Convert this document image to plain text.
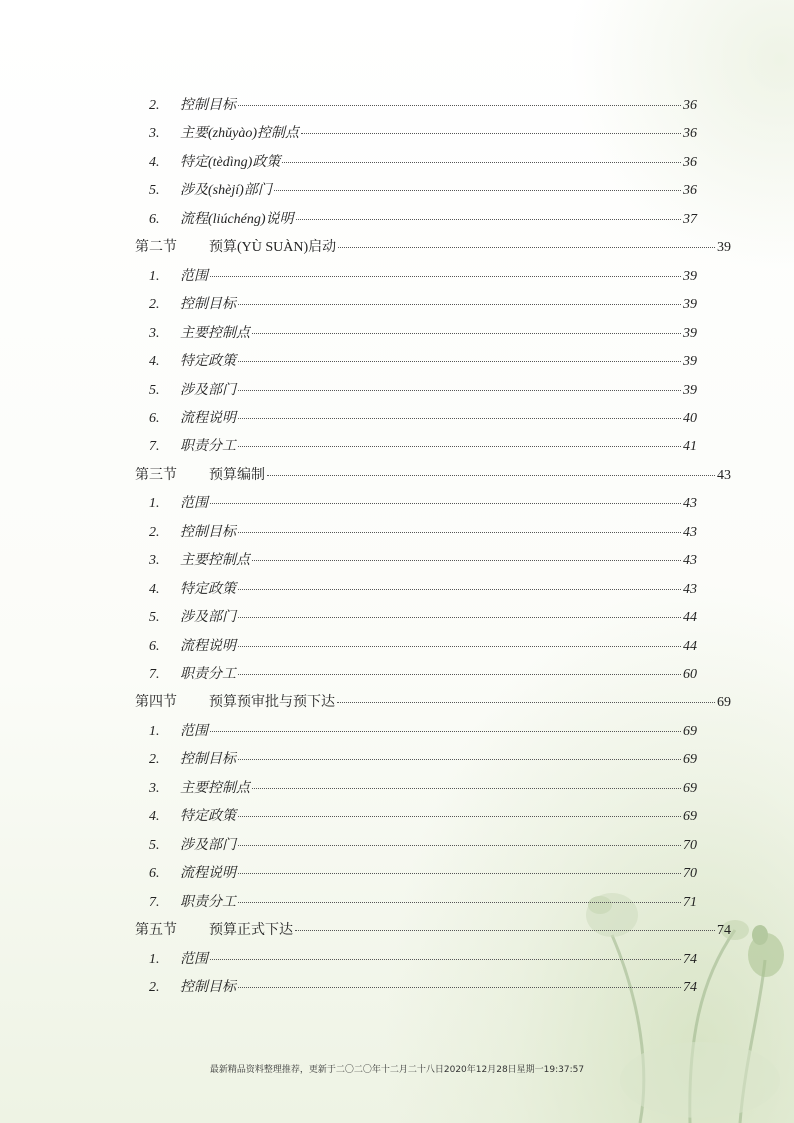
2.	控制目标	36
3.	主要(zhǔyào)控制点	36
4.	特定(tèdìng)政策	36
5.	涉及(shèjí)部门	36
6.	流程(liúchéng)说明	37
第二节	预算(YÙ SUÀN)启动	39
1.	范围	39
2.	控制目标	39
3.	主要控制点	39
4.	特定政策	39
5.	涉及部门	39
6.	流程说明	40
7.	职责分工	41
第三节	预算编制	43
1.	范围	43
2.	控制目标	43
3.	主要控制点	43
4.	特定政策	43
5.	涉及部门	44
6.	流程说明	44
7.	职责分工	60
第四节	预算预审批与预下达	69
1.	范围	69
2.	控制目标	69
3.	主要控制点	69
4.	特定政策	69
5.	涉及部门	70
6.	流程说明	70
7.	职责分工	71
第五节	预算正式下达	74
1.	范围	74
2.	控制目标	74
最新精品资料整理推荐，更新于二〇二〇年十二月二十八日2020年12月28日星期一19:37:57
